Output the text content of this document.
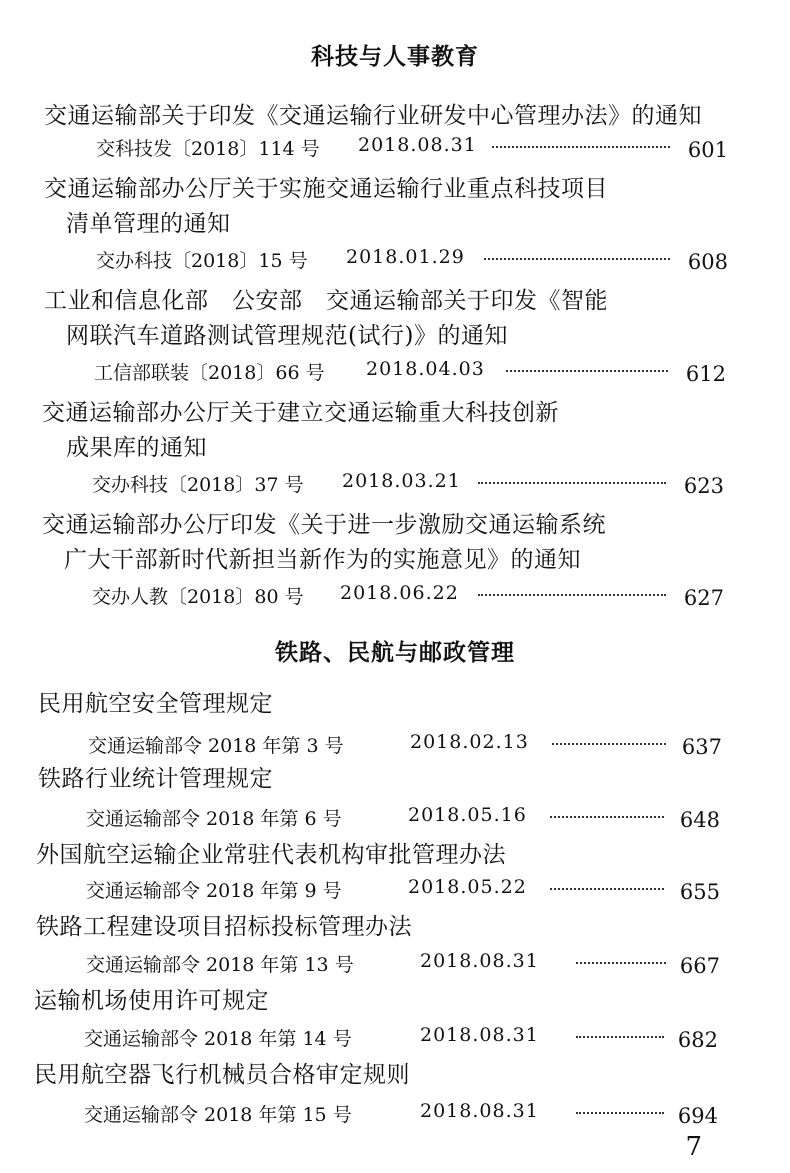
科技与人事教育
交通运输部关于印发《交通运输行业研发中心管理办法》的通知
交科技发〔2018〕114 号 2018.08.31	601
交通运输部办公厅关于实施交通运输行业重点科技项目
清单管理的通知
交办科技〔2018〕15 号 2018.01.29	608
工业和信息化部　公安部　交通运输部关于印发《智能
网联汽车道路测试管理规范(试行)》的通知
工信部联装〔2018〕66 号 2018.04.03	612
交通运输部办公厅关于建立交通运输重大科技创新
成果库的通知
交办科技〔2018〕37 号 2018.03.21	623
交通运输部办公厅印发《关于进一步激励交通运输系统
广大干部新时代新担当新作为的实施意见》的通知
交办人教〔2018〕80 号 2018.06.22	627
铁路、民航与邮政管理
民用航空安全管理规定
交通运输部令 2018 年第 3 号	2018.02.13	637
铁路行业统计管理规定
交通运输部令 2018 年第 6 号	2018.05.16	648
外国航空运输企业常驻代表机构审批管理办法
交通运输部令 2018 年第 9 号	2018.05.22	655
铁路工程建设项目招标投标管理办法
交通运输部令 2018 年第 13 号	2018.08.31	667
运输机场使用许可规定
交通运输部令 2018 年第 14 号	2018.08.31	682
民用航空器飞行机械员合格审定规则
交通运输部令 2018 年第 15 号	2018.08.31	694
7
